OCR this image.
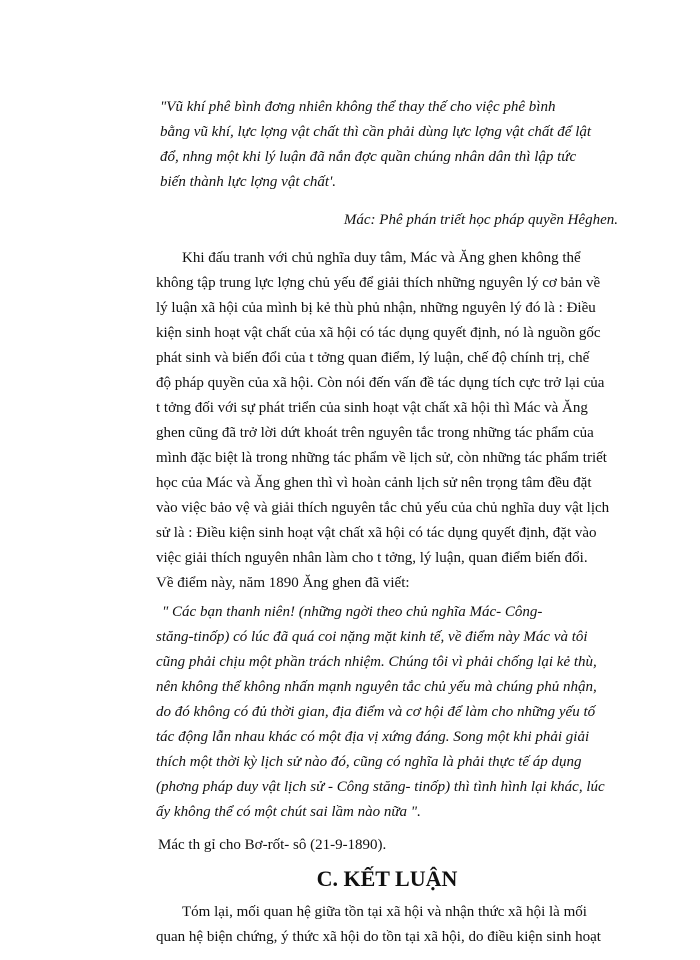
"Vũ khí phê bình đơng nhiên không thể thay thế cho việc phê bình
bằng vũ khí, lực lợng vật chất thì cần phải dùng lực lợng vật chất để lật
đổ, nhng một khi lý luận đã nắn đợc quần chúng nhân dân thì lập tức
biến thành lực lợng vật chất'.
Mác: Phê phán triết học pháp quyền Hêghen.
Khi đấu tranh với chủ nghĩa duy tâm, Mác và Ăng ghen không thể
không tập trung lực lợng chủ yếu để giải thích những nguyên lý cơ bản về
lý luận xã hội của mình bị kẻ thù phủ nhận, những nguyên lý đó là : Điều
kiện sinh hoạt vật chất của xã hội có tác dụng quyết định, nó là nguồn gốc
phát sinh và biến đổi của t tởng quan điểm, lý luận, chế độ chính trị, chế
độ pháp quyền của xã hội. Còn nói đến vấn đề tác dụng tích cực trở lại của
t tởng đối với sự phát triển của sinh hoạt vật chất xã hội thì Mác và Ăng
ghen cũng đã trở lời dứt khoát trên nguyên tắc trong những tác phẩm của
mình đặc biệt là trong những tác phẩm về lịch sử, còn những tác phẩm triết
học của Mác và Ăng ghen thì vì hoàn cảnh lịch sử nên trọng tâm đều đặt
vào việc bảo vệ và giải thích nguyên tắc chủ yếu của chủ nghĩa duy vật lịch
sử là : Điều kiện sinh hoạt vật chất xã hội có tác dụng quyết định, đặt vào
việc giải thích nguyên nhân làm cho t tởng, lý luận, quan điểm biến đổi.
Về điểm này, năm 1890 Ăng ghen đã viết:
" Các bạn thanh niên! (những ngời theo chủ nghĩa Mác- Công-
stăng-tinốp) có lúc đã quá coi nặng mặt kinh tế, về điểm này Mác và tôi
cũng phải chịu một phần trách nhiệm. Chúng tôi vì phải chống lại kẻ thù,
nên không thể không nhấn mạnh nguyên tắc chủ yếu mà chúng phủ nhận,
do đó không có đủ thời gian, địa điểm và cơ hội để làm cho những yếu tố
tác động lẫn nhau khác có một địa vị xứng đáng. Song một khi phải giải
thích một thời kỳ lịch sử nào đó, cũng có nghĩa là phải thực tế áp dụng
(phơng pháp duy vật lịch sử - Công stăng- tinốp) thì tình hình lại khác, lúc
ấy không thể có một chút sai lầm nào nữa ".
Mác th gỉ cho Bơ-rốt- sô (21-9-1890).
C. KẾT LUẬN
Tóm lại, mối quan hệ giữa tồn tại xã hội và nhận thức xã hội là mối
quan hệ biện chứng, ý thức xã hội do tồn tại xã hội, do điều kiện sinh hoạt
